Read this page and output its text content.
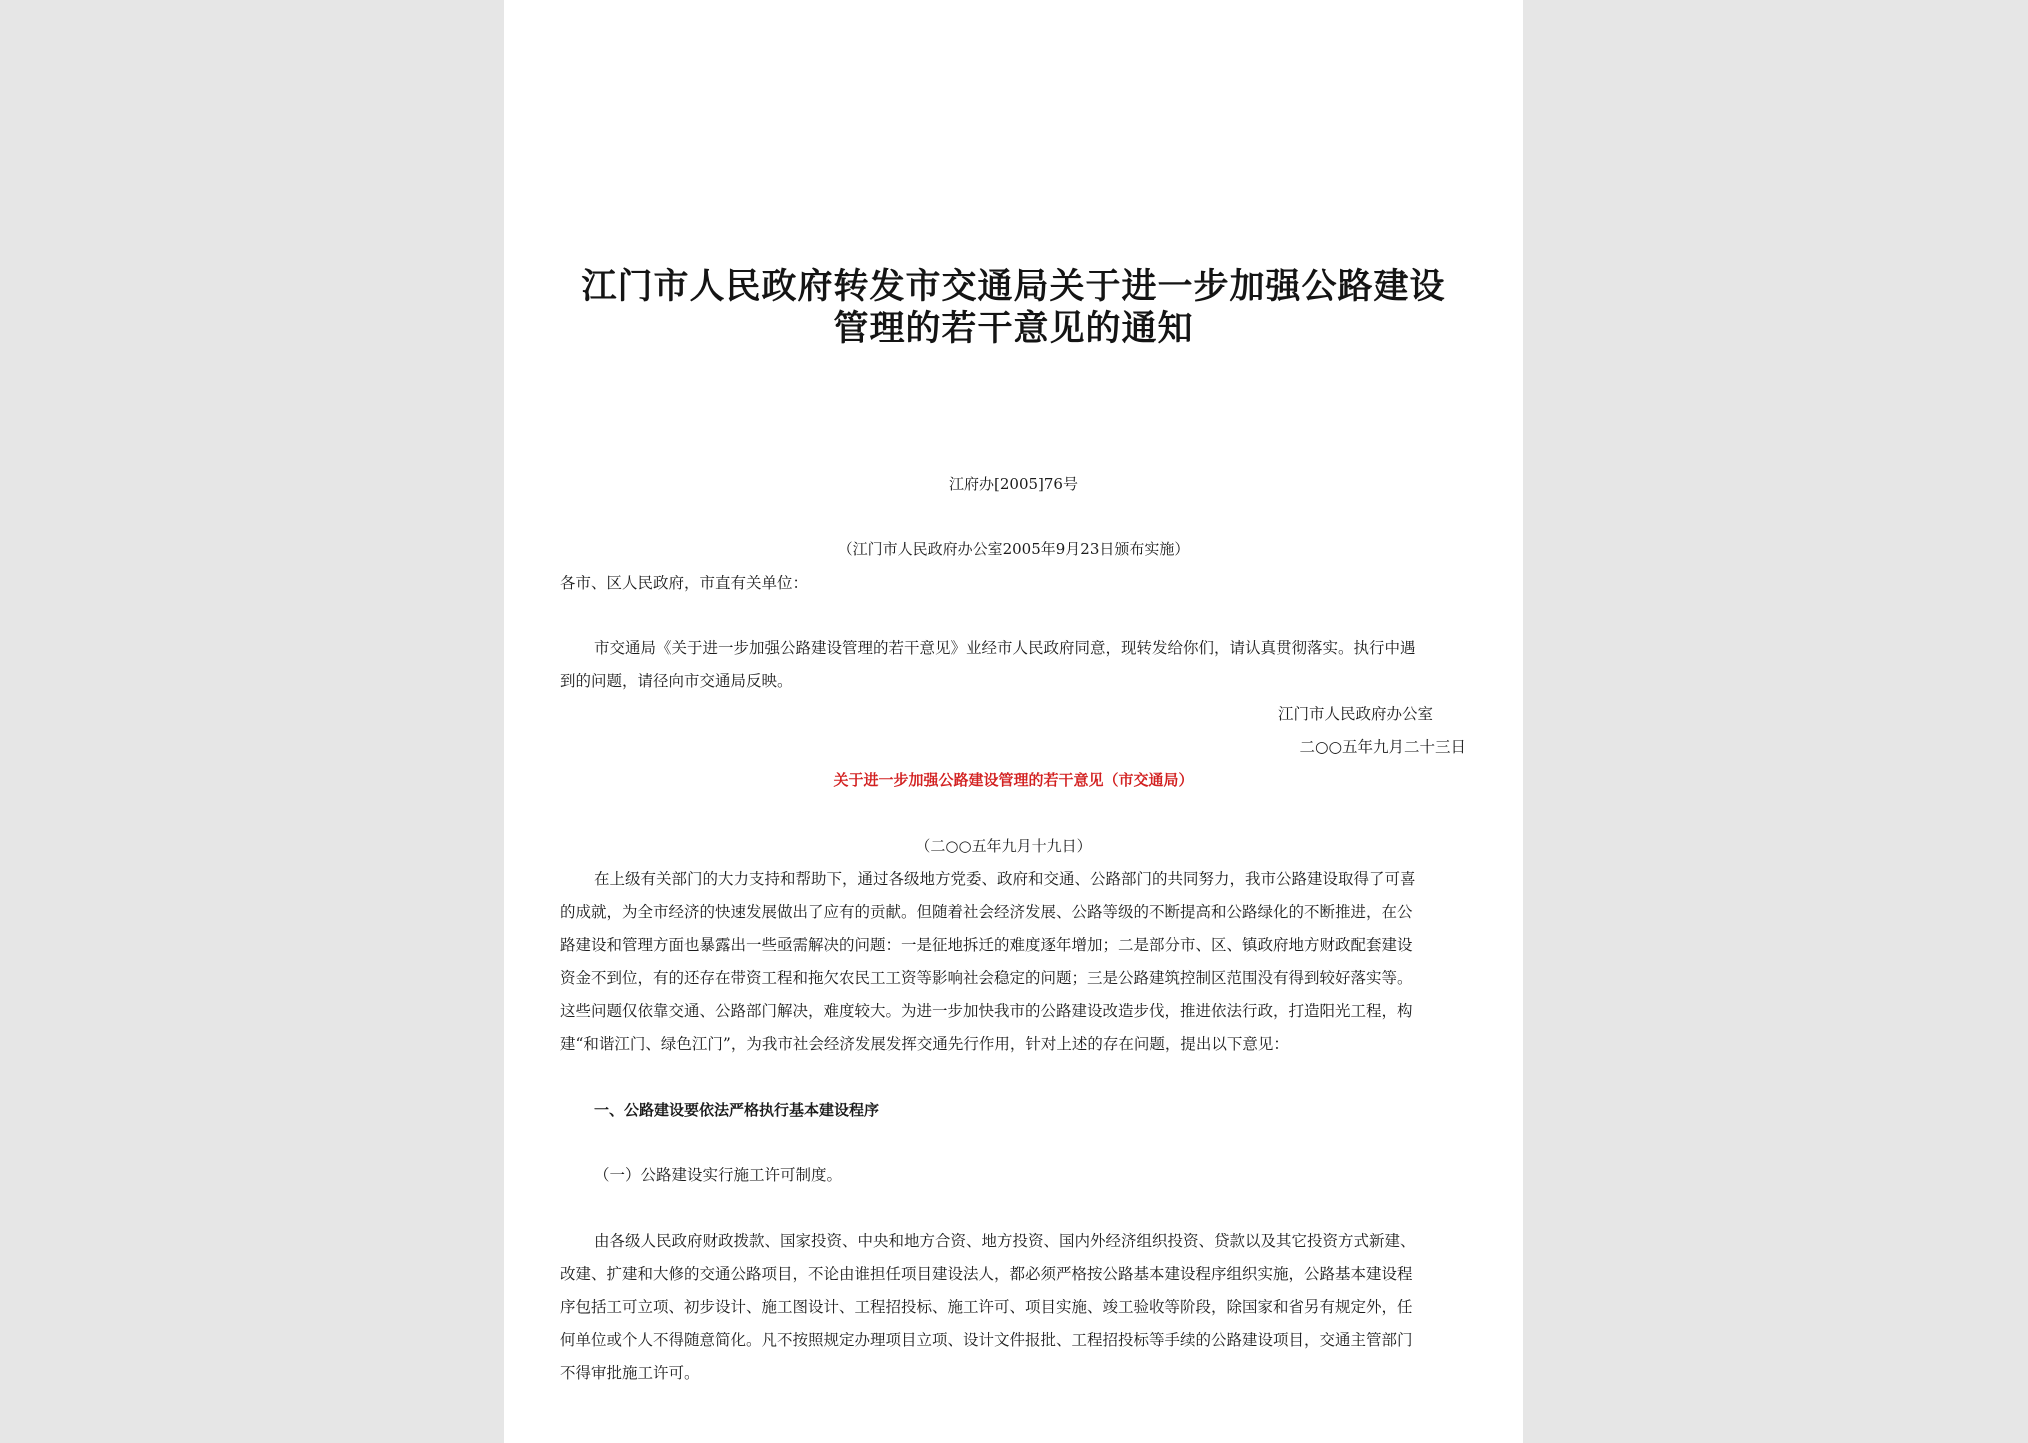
江门市人民政府转发市交通局关于进一步加强公路建设
管理的若干意见的通知
江府办[2005]76号
（江门市人民政府办公室2005年9月23日颁布实施）
各市、区人民政府，市直有关单位：
市交通局《关于进一步加强公路建设管理的若干意见》业经市人民政府同意，现转发给你们，请认真贯彻落实。执行中遇
到的问题，请径向市交通局反映。
江门市人民政府办公室
二○○五年九月二十三日
关于进一步加强公路建设管理的若干意见（市交通局）
（二○○五年九月十九日）
在上级有关部门的大力支持和帮助下，通过各级地方党委、政府和交通、公路部门的共同努力，我市公路建设取得了可喜
的成就，为全市经济的快速发展做出了应有的贡献。但随着社会经济发展、公路等级的不断提高和公路绿化的不断推进，在公
路建设和管理方面也暴露出一些亟需解决的问题：一是征地拆迁的难度逐年增加；二是部分市、区、镇政府地方财政配套建设
资金不到位，有的还存在带资工程和拖欠农民工工资等影响社会稳定的问题；三是公路建筑控制区范围没有得到较好落实等。
这些问题仅依靠交通、公路部门解决，难度较大。为进一步加快我市的公路建设改造步伐，推进依法行政，打造阳光工程，构
建“和谐江门、绿色江门”，为我市社会经济发展发挥交通先行作用，针对上述的存在问题，提出以下意见：
一、公路建设要依法严格执行基本建设程序
（一）公路建设实行施工许可制度。
由各级人民政府财政拨款、国家投资、中央和地方合资、地方投资、国内外经济组织投资、贷款以及其它投资方式新建、
改建、扩建和大修的交通公路项目，不论由谁担任项目建设法人，都必须严格按公路基本建设程序组织实施，公路基本建设程
序包括工可立项、初步设计、施工图设计、工程招投标、施工许可、项目实施、竣工验收等阶段，除国家和省另有规定外，任
何单位或个人不得随意简化。凡不按照规定办理项目立项、设计文件报批、工程招投标等手续的公路建设项目，交通主管部门
不得审批施工许可。
